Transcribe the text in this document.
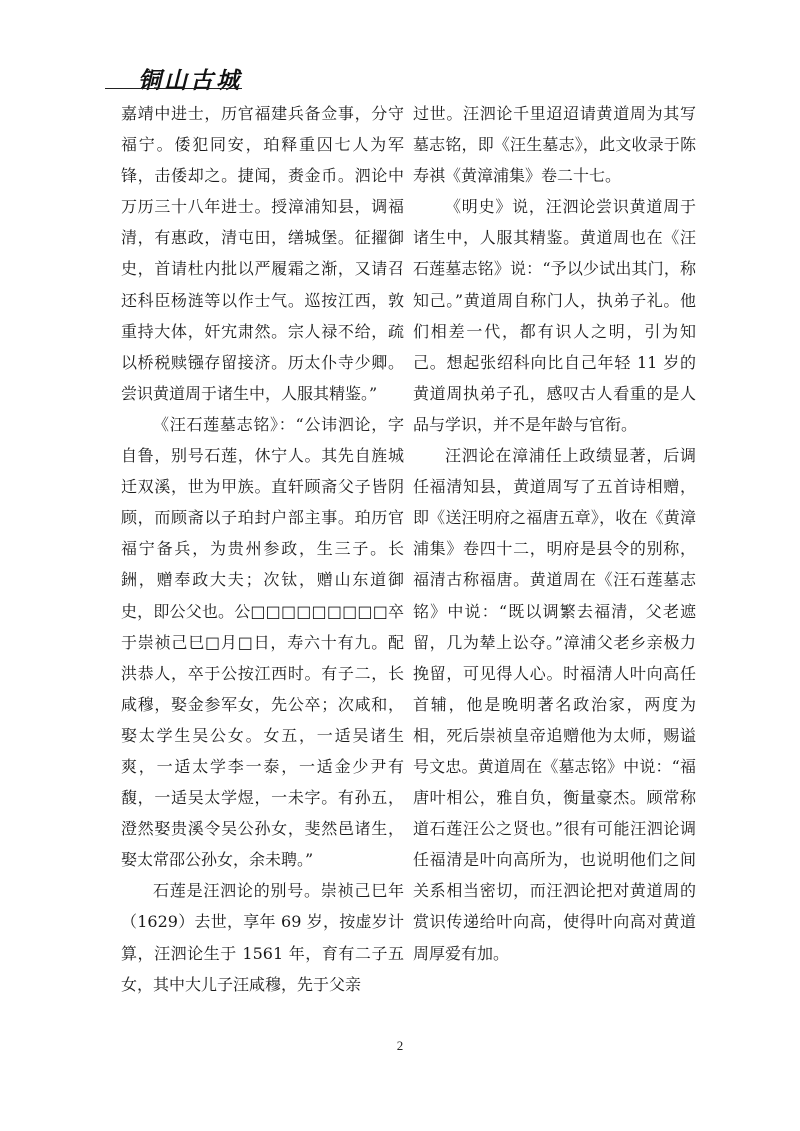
铜山古城

嘉靖中进士，历官福建兵备佥事，分守福宁。倭犯同安，珀释重囚七人为军锋，击倭却之。捷闻，赉金币。泗论中万历三十八年进士。授漳浦知县，调福清，有惠政，清屯田，缮城堡。征擢御史，首请杜内批以严履霜之渐，又请召还科臣杨涟等以作士气。巡按江西，敦重持大体，奸宄肃然。宗人禄不给，疏以桥税赎镪存留接济。历太仆寺少卿。尝识黄道周于诸生中，人服其精鉴。”

《汪石莲墓志铭》：“公讳泗论，字自鲁，别号石莲，休宁人。其先自旌城迁双溪，世为甲族。直轩顾斋父子皆阴顾，而顾斋以子珀封户部主事。珀历官福宁备兵，为贵州参政，生三子。长銂，赠奉政大夫；次钛，赠山东道御史，即公父也。公□□□□□□□□□卒于崇祯己巳□月□日，寿六十有九。配洪恭人，卒于公按江西时。有子二，长咸穆，娶金参军女，先公卒；次咸和，娶太学生吴公女。女五，一适吴诸生爽，一适太学李一泰，一适金少尹有馥，一适吴太学煜，一未字。有孙五，澄然娶贵溪令吴公孙女，斐然邑诸生，娶太常邵公孙女，余未聘。”

石莲是汪泗论的别号。崇祯己巳年（1629）去世，享年 69 岁，按虚岁计算，汪泗论生于 1561 年，育有二子五女，其中大儿子汪咸穆，先于父亲

过世。汪泗论千里迢迢请黄道周为其写墓志铭，即《汪生墓志》，此文收录于陈寿祺《黄漳浦集》卷二十七。

《明史》说，汪泗论尝识黄道周于诸生中，人服其精鉴。黄道周也在《汪石莲墓志铭》说：“予以少试出其门，称知己。”黄道周自称门人，执弟子礼。他们相差一代，都有识人之明，引为知己。想起张绍科向比自己年轻 11 岁的黄道周执弟子孔，感叹古人看重的是人品与学识，并不是年龄与官衔。

汪泗论在漳浦任上政绩显著，后调任福清知县，黄道周写了五首诗相赠，即《送汪明府之福唐五章》，收在《黄漳浦集》卷四十二，明府是县令的别称，福清古称福唐。黄道周在《汪石莲墓志铭》中说：“既以调繁去福清，父老遮留，几为辇上讼夺。”漳浦父老乡亲极力挽留，可见得人心。时福清人叶向高任首辅，他是晚明著名政治家，两度为相，死后崇祯皇帝追赠他为太师，赐谥号文忠。黄道周在《墓志铭》中说：“福唐叶相公，雅自负，衡量豪杰。顾常称道石莲汪公之贤也。”很有可能汪泗论调任福清是叶向高所为，也说明他们之间关系相当密切，而汪泗论把对黄道周的赏识传递给叶向高，使得叶向高对黄道周厚爱有加。

2
